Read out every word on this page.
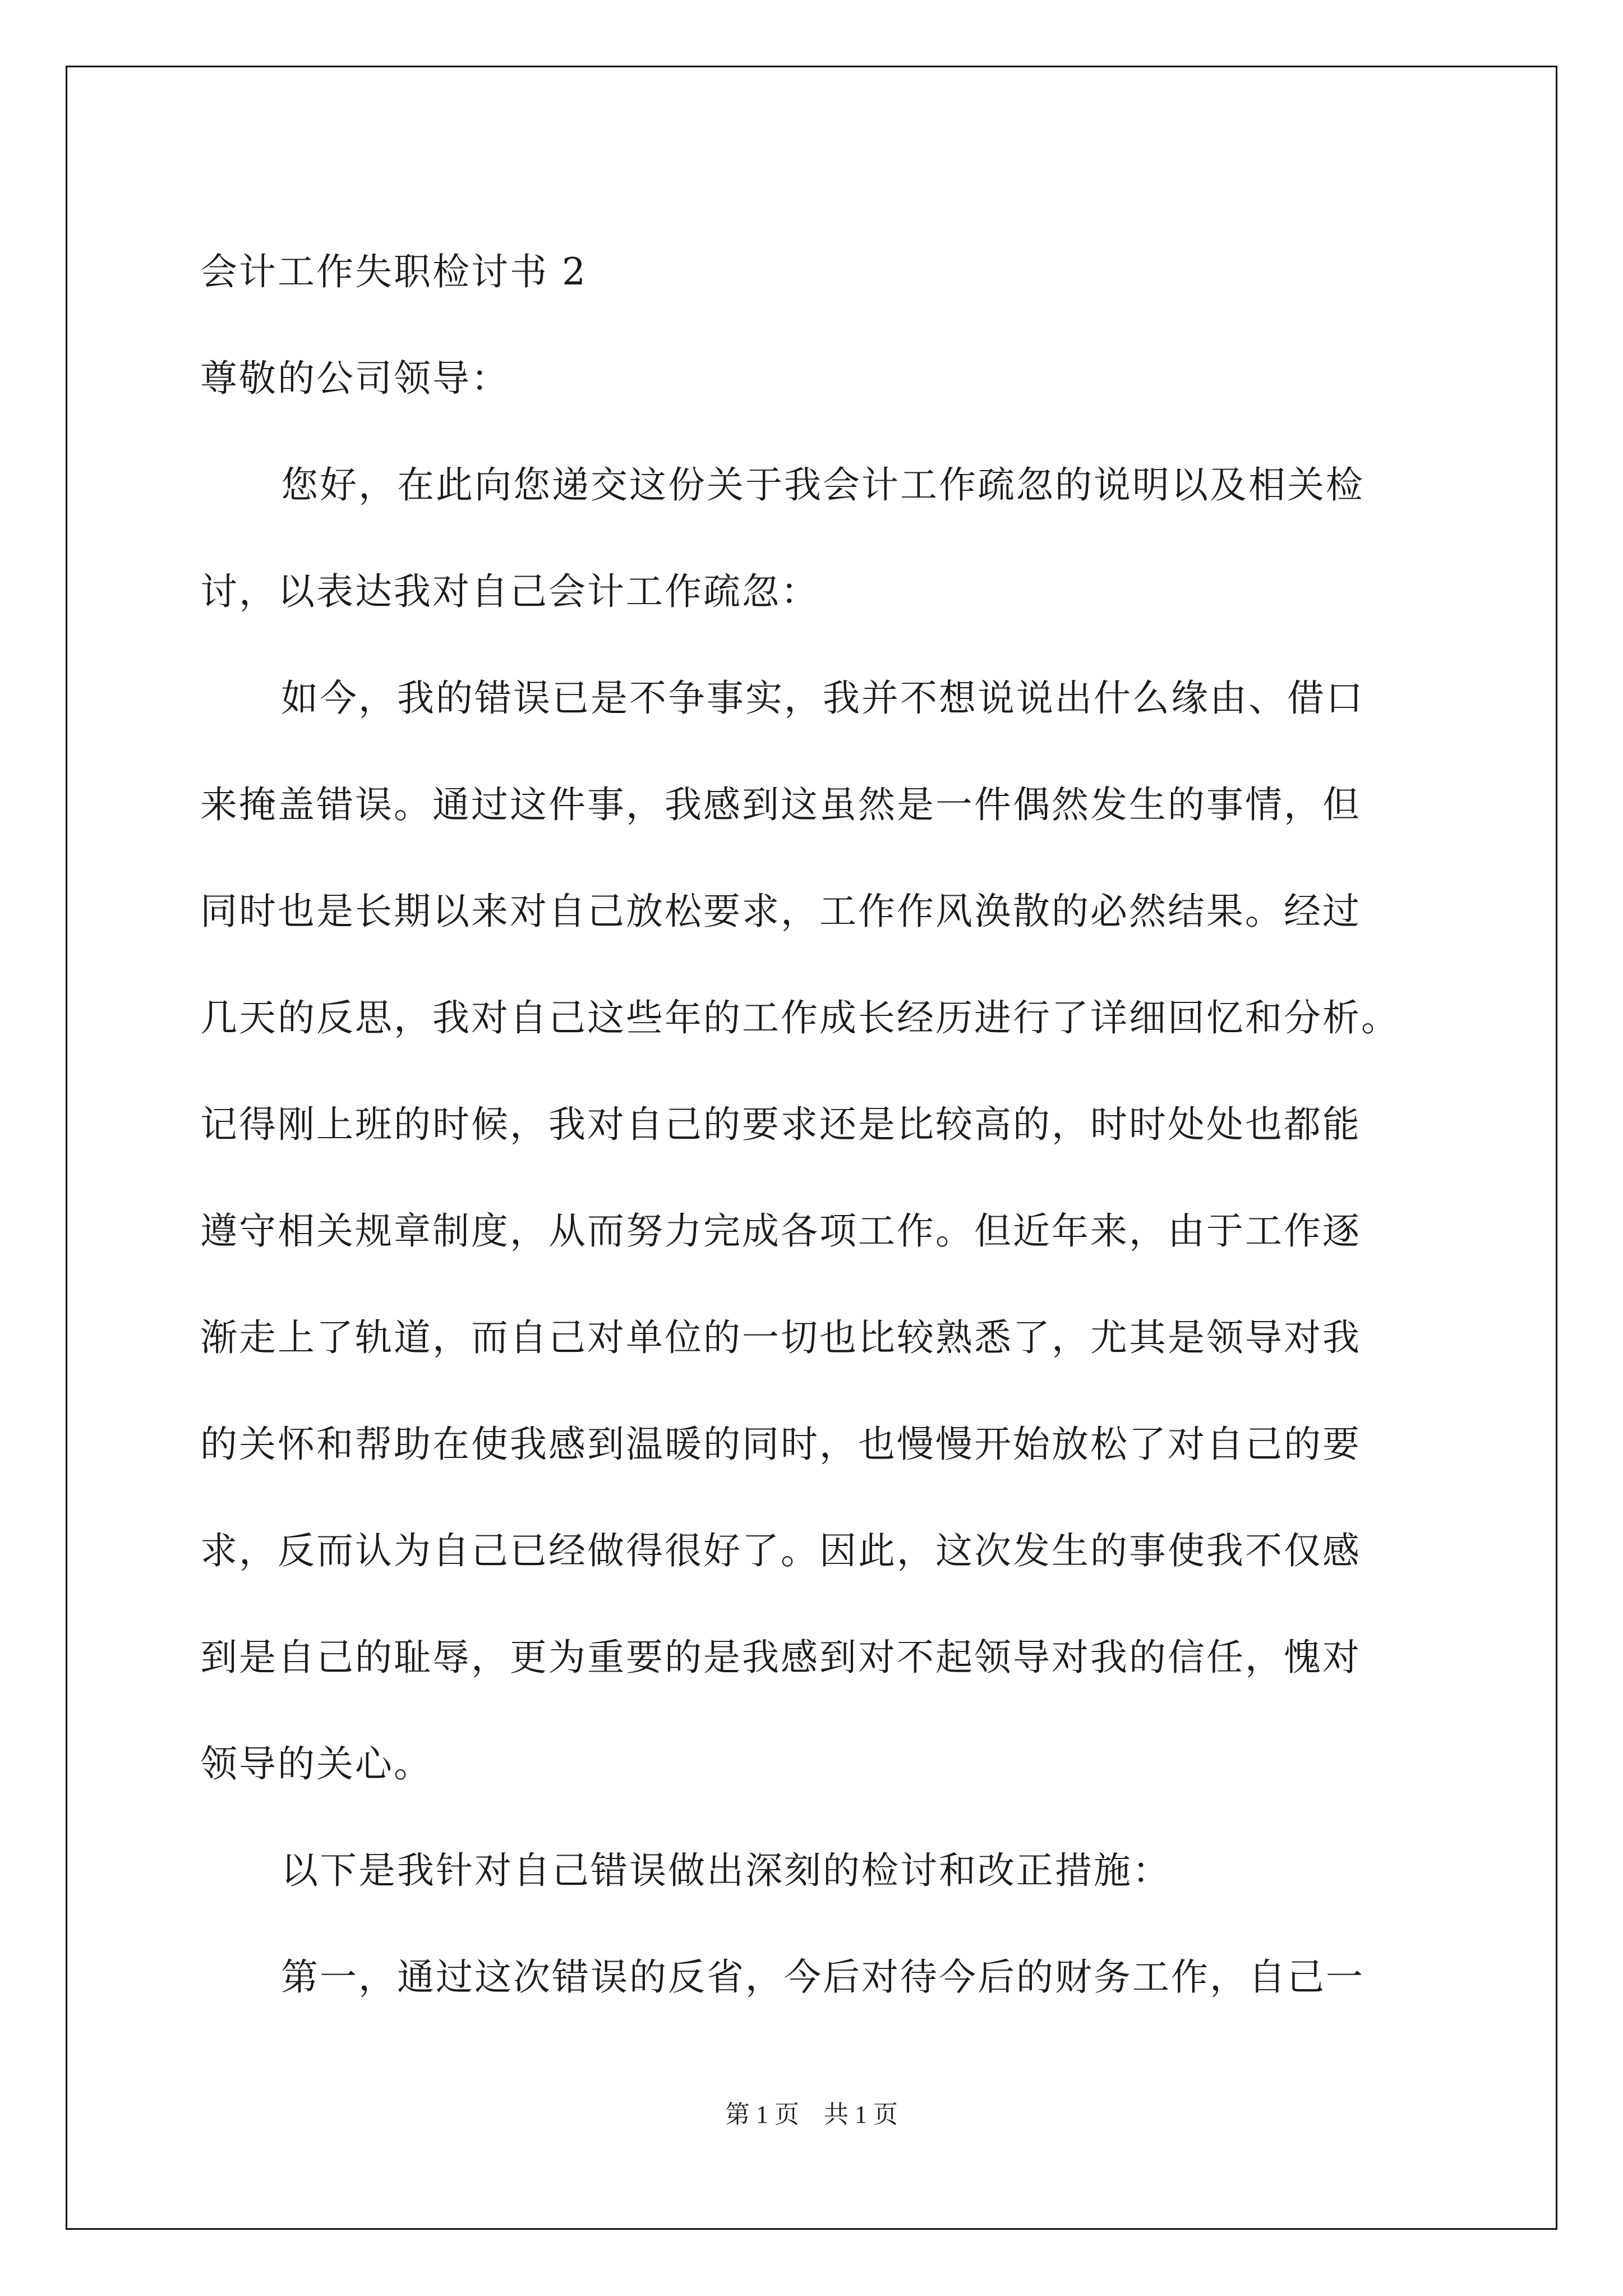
会计工作失职检讨书 2
尊敬的公司领导：
您好，在此向您递交这份关于我会计工作疏忽的说明以及相关检
讨，以表达我对自己会计工作疏忽：
如今，我的错误已是不争事实，我并不想说说出什么缘由、借口
来掩盖错误。通过这件事，我感到这虽然是一件偶然发生的事情，但
同时也是长期以来对自己放松要求，工作作风涣散的必然结果。经过
几天的反思，我对自己这些年的工作成长经历进行了详细回忆和分析。
记得刚上班的时候，我对自己的要求还是比较高的，时时处处也都能
遵守相关规章制度，从而努力完成各项工作。但近年来，由于工作逐
渐走上了轨道，而自己对单位的一切也比较熟悉了，尤其是领导对我
的关怀和帮助在使我感到温暖的同时，也慢慢开始放松了对自己的要
求，反而认为自己已经做得很好了。因此，这次发生的事使我不仅感
到是自己的耻辱，更为重要的是我感到对不起领导对我的信任，愧对
领导的关心。
以下是我针对自己错误做出深刻的检讨和改正措施：
第一，通过这次错误的反省，今后对待今后的财务工作，自己一
第 1 页　共 1 页
